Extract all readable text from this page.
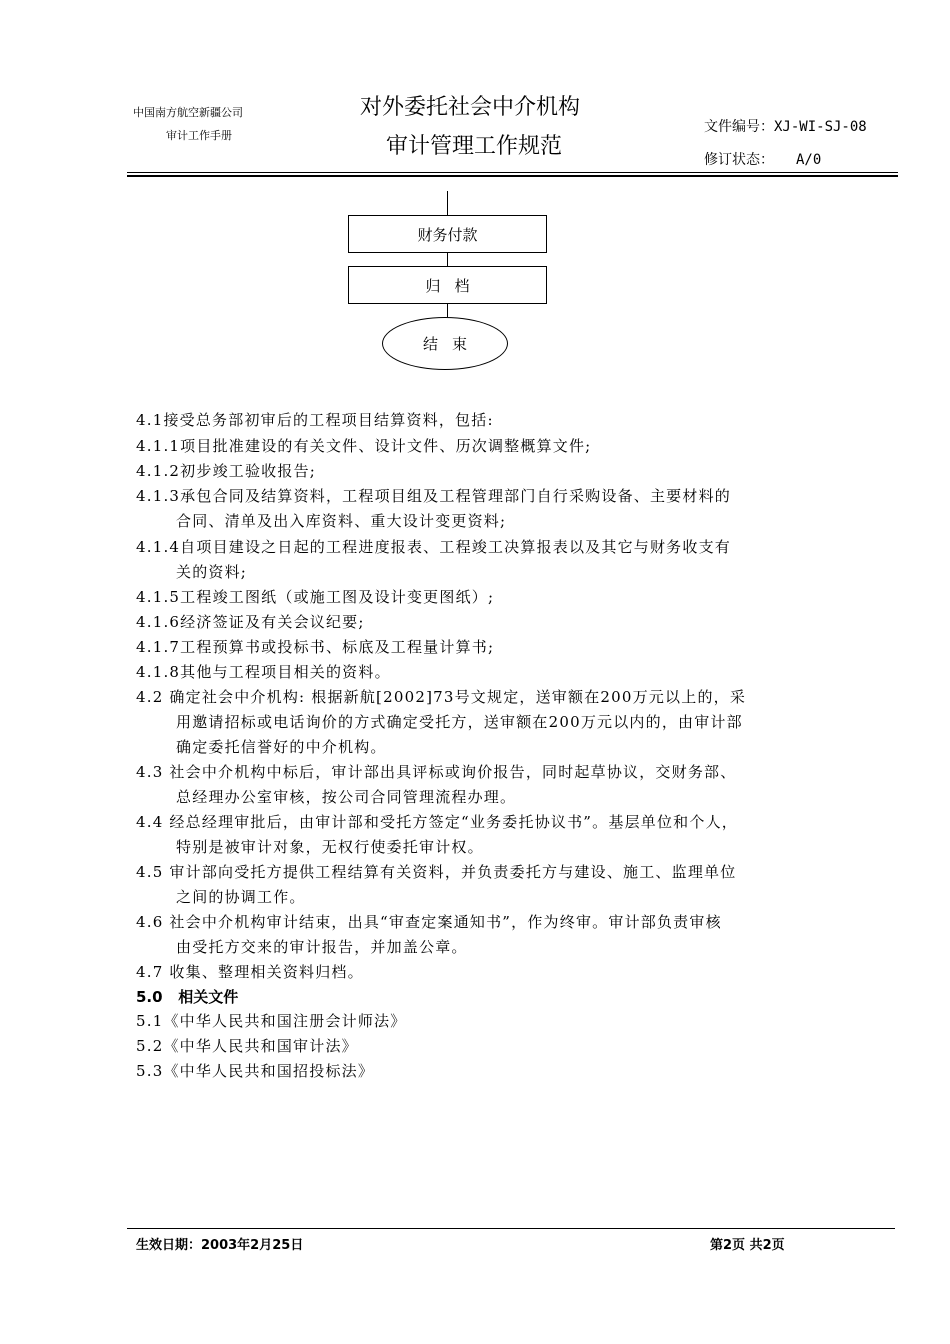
中国南方航空新疆公司
审计工作手册
对外委托社会中介机构
审计管理工作规范
文件编号：XJ-WI-SJ-08
修订状态： A/0
财务付款
归档
结束
4.1接受总务部初审后的工程项目结算资料，包括:
4.1.1项目批准建设的有关文件、设计文件、历次调整概算文件;
4.1.2初步竣工验收报告;
4.1.3承包合同及结算资料，工程项目组及工程管理部门自行采购设备、主要材料的
合同、清单及出入库资料、重大设计变更资料;
4.1.4自项目建设之日起的工程进度报表、工程竣工决算报表以及其它与财务收支有
关的资料;
4.1.5工程竣工图纸（或施工图及设计变更图纸）;
4.1.6经济签证及有关会议纪要;
4.1.7工程预算书或投标书、标底及工程量计算书;
4.1.8其他与工程项目相关的资料。
4.2 确定社会中介机构: 根据新航[2002]73号文规定，送审额在200万元以上的，采
用邀请招标或电话询价的方式确定受托方，送审额在200万元以内的，由审计部
确定委托信誉好的中介机构。
4.3 社会中介机构中标后，审计部出具评标或询价报告，同时起草协议，交财务部、
总经理办公室审核，按公司合同管理流程办理。
4.4 经总经理审批后，由审计部和受托方签定“业务委托协议书”。基层单位和个人，
特别是被审计对象，无权行使委托审计权。
4.5 审计部向受托方提供工程结算有关资料，并负责委托方与建设、施工、监理单位
之间的协调工作。
4.6 社会中介机构审计结束，出具“审查定案通知书”，作为终审。审计部负责审核
由受托方交来的审计报告，并加盖公章。
4.7 收集、整理相关资料归档。
5.0   相关文件
5.1《中华人民共和国注册会计师法》
5.2《中华人民共和国审计法》
5.3《中华人民共和国招投标法》
生效日期：2003年2月25日	第2页 共2页
